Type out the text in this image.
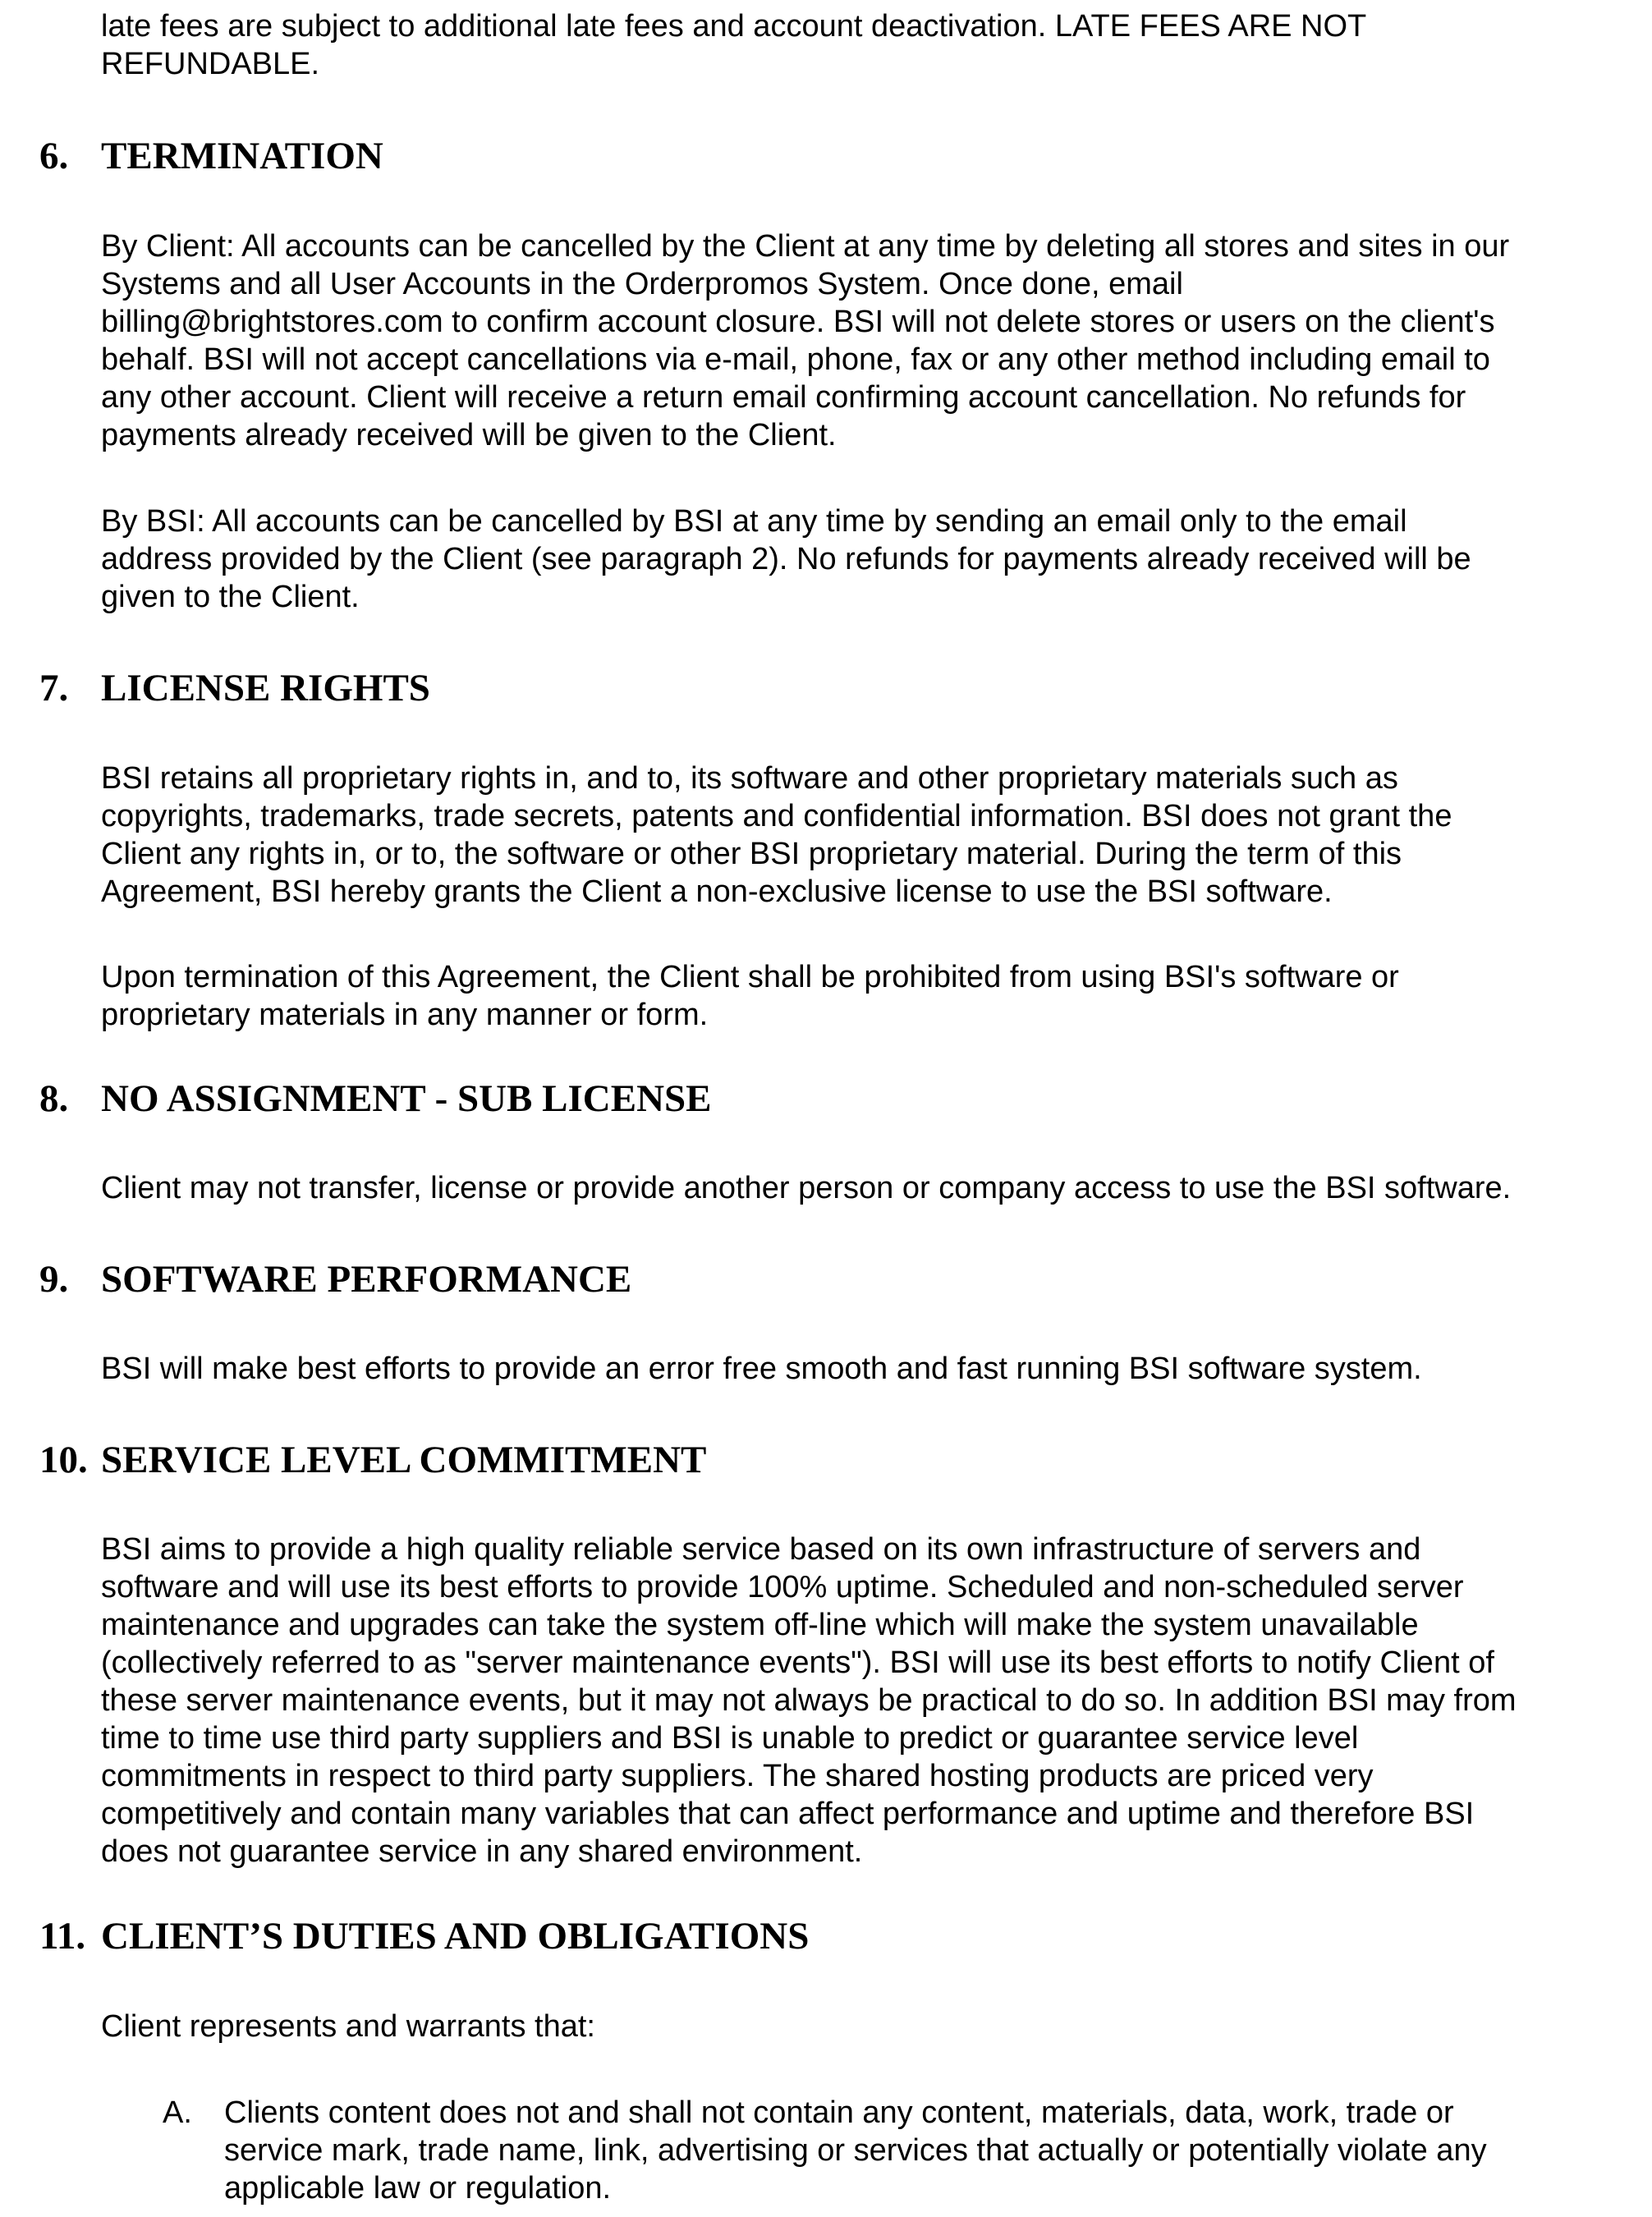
late fees are subject to additional late fees and account deactivation. LATE FEES ARE NOT
REFUNDABLE.

6. TERMINATION

By Client: All accounts can be cancelled by the Client at any time by deleting all stores and sites in our
Systems and all User Accounts in the Orderpromos System. Once done, email
billing@brightstores.com to confirm account closure. BSI will not delete stores or users on the client's
behalf. BSI will not accept cancellations via e-mail, phone, fax or any other method including email to
any other account. Client will receive a return email confirming account cancellation. No refunds for
payments already received will be given to the Client.

By BSI: All accounts can be cancelled by BSI at any time by sending an email only to the email
address provided by the Client (see paragraph 2). No refunds for payments already received will be
given to the Client.

7. LICENSE RIGHTS

BSI retains all proprietary rights in, and to, its software and other proprietary materials such as
copyrights, trademarks, trade secrets, patents and confidential information. BSI does not grant the
Client any rights in, or to, the software or other BSI proprietary material. During the term of this
Agreement, BSI hereby grants the Client a non-exclusive license to use the BSI software.

Upon termination of this Agreement, the Client shall be prohibited from using BSI's software or
proprietary materials in any manner or form.

8. NO ASSIGNMENT - SUB LICENSE

Client may not transfer, license or provide another person or company access to use the BSI software.

9. SOFTWARE PERFORMANCE

BSI will make best efforts to provide an error free smooth and fast running BSI software system.

10. SERVICE LEVEL COMMITMENT

BSI aims to provide a high quality reliable service based on its own infrastructure of servers and
software and will use its best efforts to provide 100% uptime. Scheduled and non-scheduled server
maintenance and upgrades can take the system off-line which will make the system unavailable
(collectively referred to as "server maintenance events"). BSI will use its best efforts to notify Client of
these server maintenance events, but it may not always be practical to do so. In addition BSI may from
time to time use third party suppliers and BSI is unable to predict or guarantee service level
commitments in respect to third party suppliers. The shared hosting products are priced very
competitively and contain many variables that can affect performance and uptime and therefore BSI
does not guarantee service in any shared environment.

11. CLIENT’S DUTIES AND OBLIGATIONS

Client represents and warrants that:

A. Clients content does not and shall not contain any content, materials, data, work, trade or
service mark, trade name, link, advertising or services that actually or potentially violate any
applicable law or regulation.
